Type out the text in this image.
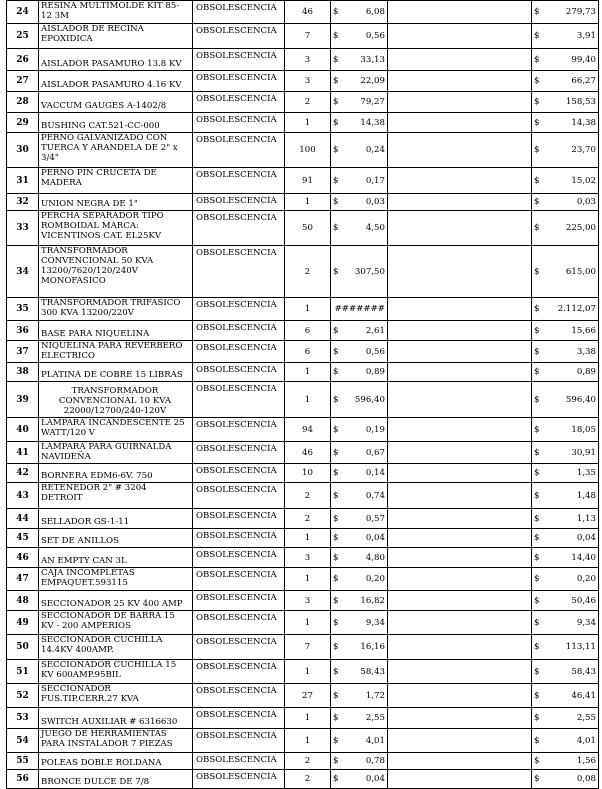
24	RESINA MULTIMOLDE KIT 85-12 3M	OBSOLESCENCIA	46	$ 6,08		$ 279,73

25	AISLADOR DE RECINA EPOXIDICA	OBSOLESCENCIA	7	$ 0,56		$ 3,91

26	AISLADOR PASAMURO 13.8 KV	OBSOLESCENCIA	3	$ 33,13		$ 99,40

27	AISLADOR PASAMURO 4.16 KV	OBSOLESCENCIA	3	$ 22,09		$ 66,27

28	VACCUM GAUGES A-1402/8	OBSOLESCENCIA	2	$ 79,27		$ 158,53

29	BUSHING CAT.521-CC-000	OBSOLESCENCIA	1	$ 14,38		$ 14,38

30	PERNO GALVANIZADO CON TUERCA Y ARANDELA DE 2" x 3/4"	OBSOLESCENCIA	100	$ 0,24		$ 23,70

31	PERNO PIN CRUCETA DE MADERA	OBSOLESCENCIA	91	$ 0,17		$ 15,02

32	UNION NEGRA DE 1"	OBSOLESCENCIA	1	$ 0,03		$ 0,03

33	PERCHA SEPARADOR TIPO ROMBOIDAL MARCA: VICENTINOS CAT. EL25KV	OBSOLESCENCIA	50	$ 4,50		$ 225,00

34	TRANSFORMADOR CONVENCIONAL 50 KVA 13200/7620/120/240V MONOFASICO	OBSOLESCENCIA	2	$ 307,50		$ 615,00

35	TRANSFORMADOR TRIFASICO 300 KVA 13200/220V	OBSOLESCENCIA	1	#######		$ 2.112,07

36	BASE PARA NIQUELINA	OBSOLESCENCIA	6	$ 2,61		$ 15,66

37	NIQUELINA PARA REVERBERO ELECTRICO	OBSOLESCENCIA	6	$ 0,56		$ 3,38

38	PLATINA DE COBRE 15 LIBRAS	OBSOLESCENCIA	1	$ 0,89		$ 0,89

39	TRANSFORMADOR CONVENCIONAL 10 KVA 22000/12700/240-120V	OBSOLESCENCIA	1	$ 596,40		$ 596,40

40	LÁMPARA INCANDESCENTE 25 WATT/120 V	OBSOLESCENCIA	94	$ 0,19		$ 18,05

41	LAMPARA PARA GUIRNALDA NAVIDEÑA	OBSOLESCENCIA	46	$ 0,67		$ 30,91

42	BORNERA EDM6-6V. 750	OBSOLESCENCIA	10	$ 0,14		$ 1,35

43	RETENEDOR 2" # 3204 DETROIT	OBSOLESCENCIA	2	$ 0,74		$ 1,48

44	SELLADOR GS-1-11	OBSOLESCENCIA	2	$ 0,57		$ 1,13

45	SET DE ANILLOS	OBSOLESCENCIA	1	$ 0,04		$ 0,04

46	AN EMPTY CAN 3L	OBSOLESCENCIA	3	$ 4,80		$ 14,40

47	CAJA INCOMPLETAS EMPAQUET.593115	OBSOLESCENCIA	1	$ 0,20		$ 0,20

48	SECCIONADOR 25 KV 400 AMP	OBSOLESCENCIA	3	$ 16,82		$ 50,46

49	SECCIONADOR DE BARRA 15 KV - 200 AMPERIOS	OBSOLESCENCIA	1	$ 9,34		$ 9,34

50	SECCIONADOR CUCHILLA 14.4KV 400AMP.	OBSOLESCENCIA	7	$ 16,16		$ 113,11

51	SECCIONADOR CUCHILLA 15 KV 600AMP.95BIL	OBSOLESCENCIA	1	$ 58,43		$ 58,43

52	SECCIONADOR FUS.TIP.CERR.27 KVA	OBSOLESCENCIA	27	$ 1,72		$ 46,41

53	SWITCH AUXILIAR # 6316630	OBSOLESCENCIA	1	$ 2,55		$ 2,55

54	JUEGO DE HERRAMIENTAS PARA INSTALADOR 7 PIEZAS	OBSOLESCENCIA	1	$ 4,01		$ 4,01

55	POLEAS DOBLE ROLDANA	OBSOLESCENCIA	2	$ 0,78		$ 1,56

56	BRONCE DULCE DE 7/8	OBSOLESCENCIA	2	$ 0,04		$ 0,08
